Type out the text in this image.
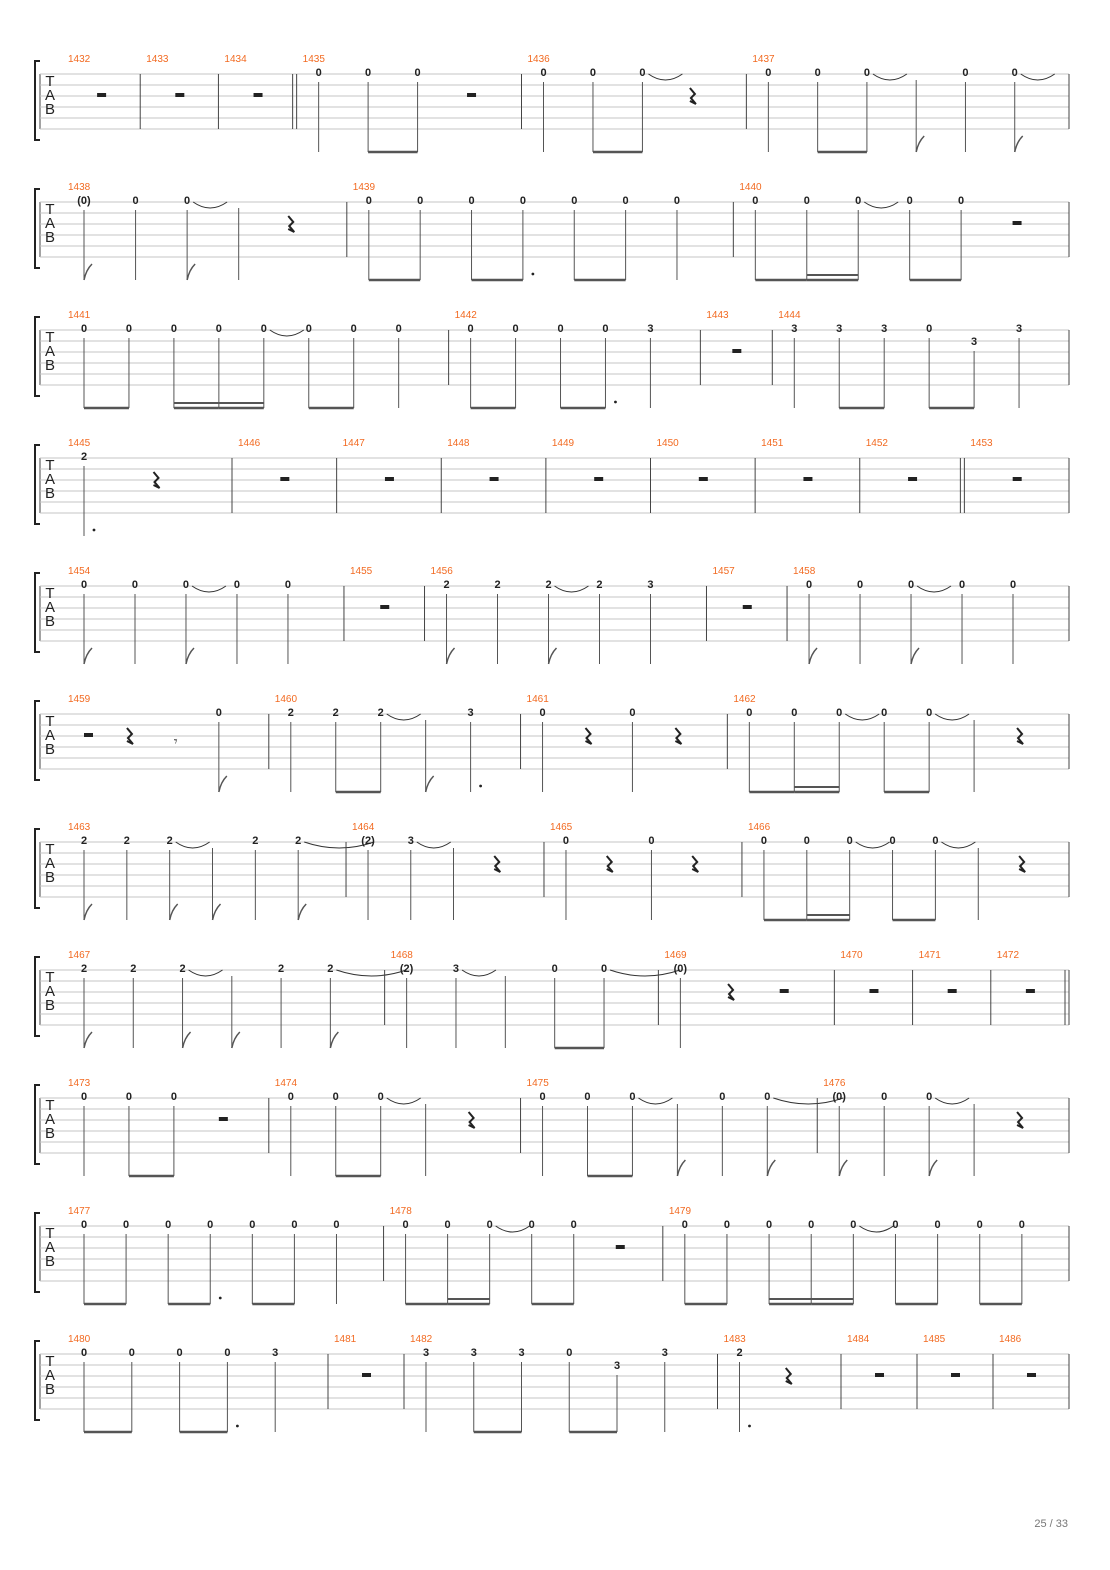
T
A
B
1432	1433	1434	1435
0	0	0
1436
0	0	0
1437
0	0	0	0	0
T
A
B
1438
(0)	0	0
1439
0	0	0	0	0	0	0
1440
0	0	0	0	0
T
A
B
1441
0	0	0	0	0	0	0	0
1442
0	0	0	0	3
1443	1444
3	3	3	0
3
3
T
A
B
1445
2
1446	1447	1448	1449	1450	1451	1452	1453
T
A
B
1454
0	0	0	0	0
1455	1456
2	2	2	2	3
1457	1458
0	0	0	0	0
T
A
B
1459
𝄾
0
1460
2	2	2	3
1461
0	0
1462
0	0	0	0	0
T
A
B
1463
2	2	2	2	2
1464
(2)	3
1465
0	0
1466
0	0	0	0	0
T
A
B
1467
2	2	2	2	2
1468
(2)	3	0	0
1469
(0)
1470	1471	1472
T
A
B
1473
0	0	0
1474
0	0	0
1475
0	0	0	0	0
1476
(0)	0	0
T
A
B
1477
0	0	0	0	0	0	0
1478
0	0	0	0	0
1479
0	0	0	0	0	0	0	0	0
T
A
B
1480
0	0	0	0	3
1481	1482
3	3	3	0
3
3
1483
2
1484	1485	1486
25 / 33
